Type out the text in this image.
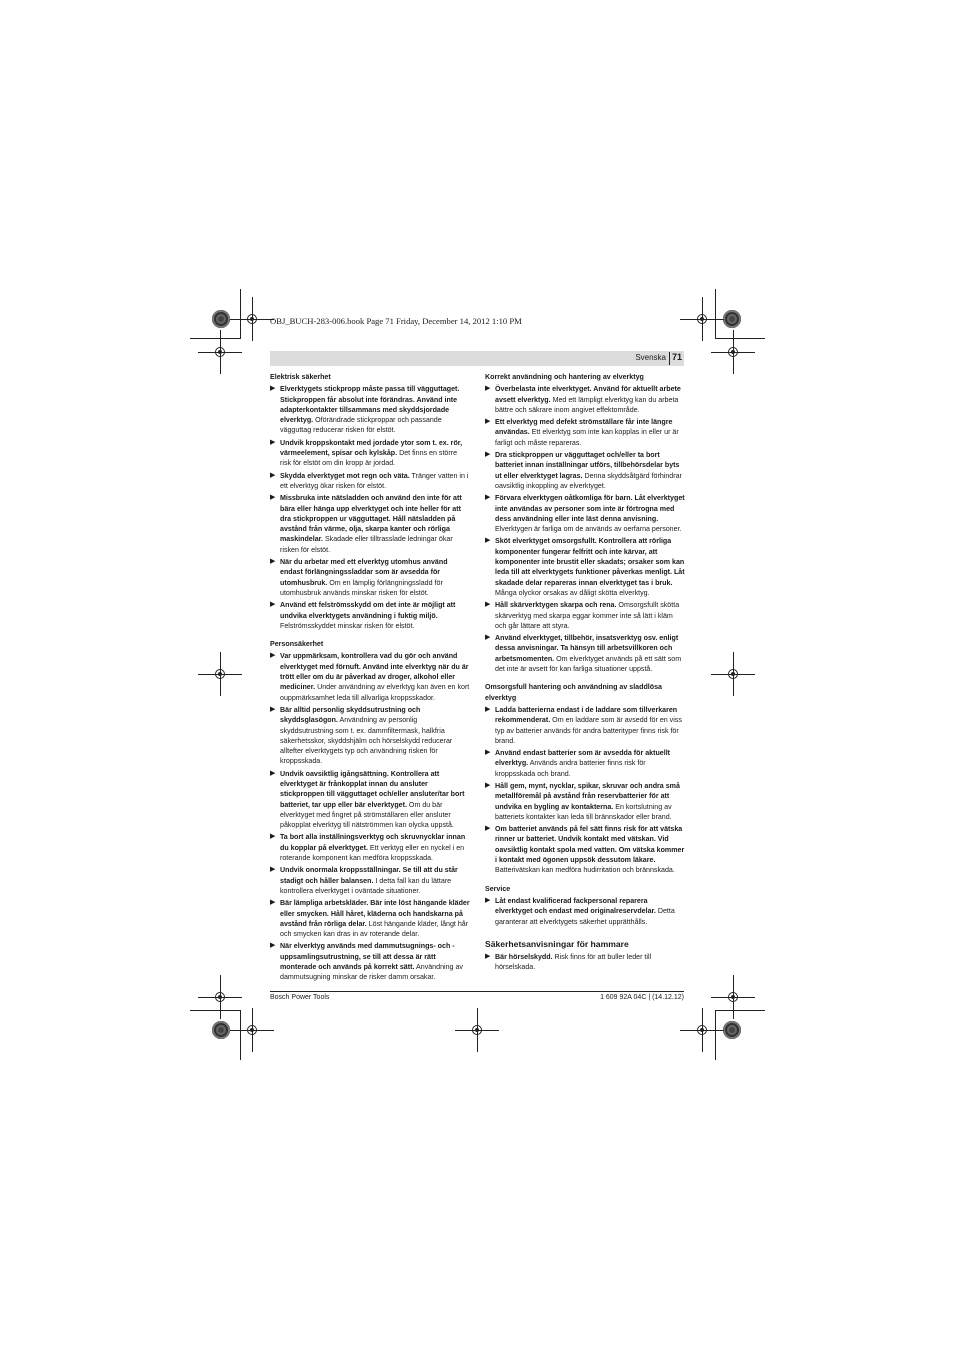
OBJ_BUCH-283-006.book Page 71 Friday, December 14, 2012 1:10 PM
Svenska 71
Elektrisk säkerhet
▶ Elverktygets stickpropp måste passa till vägguttaget. Stickproppen får absolut inte förändras. Använd inte adapterkontakter tillsammans med skyddsjordade elverktyg. Oförändrade stickproppar och passande vägguttag reducerar risken för elstöt.
▶ Undvik kroppskontakt med jordade ytor som t. ex. rör, värmeelement, spisar och kylskåp. Det finns en större risk för elstöt om din kropp är jordad.
▶ Skydda elverktyget mot regn och väta. Tränger vatten in i ett elverktyg ökar risken för elstöt.
▶ Missbruka inte nätsladden och använd den inte för att bära eller hänga upp elverktyget och inte heller för att dra stickproppen ur vägguttaget. Håll nätsladden på avstånd från värme, olja, skarpa kanter och rörliga maskindelar. Skadade eller tilltrasslade ledningar ökar risken för elstöt.
▶ När du arbetar med ett elverktyg utomhus använd endast förlängningssladdar som är avsedda för utomhusbruk. Om en lämplig förlängningssladd för utomhusbruk används minskar risken för elstöt.
▶ Använd ett felströmsskydd om det inte är möjligt att undvika elverktygets användning i fuktig miljö. Felströmsskyddet minskar risken för elstöt.
Personsäkerhet
▶ Var uppmärksam, kontrollera vad du gör och använd elverktyget med förnuft. Använd inte elverktyg när du är trött eller om du är påverkad av droger, alkohol eller mediciner. Under användning av elverktyg kan även en kort ouppmärksamhet leda till allvarliga kroppsskador.
▶ Bär alltid personlig skyddsutrustning och skyddsglasögon. Användning av personlig skyddsutrustning som t. ex. dammfiltermask, halkfria säkerhetsskor, skyddshjälm och hörselskydd reducerar alltefter elverktygets typ och användning risken för kroppsskada.
▶ Undvik oavsiktlig igångsättning. Kontrollera att elverktyget är frånkopplat innan du ansluter stickproppen till vägguttaget och/eller ansluter/tar bort batteriet, tar upp eller bär elverktyget. Om du bär elverktyget med fingret på strömställaren eller ansluter påkopplat elverktyg till nätströmmen kan olycka uppstå.
▶ Ta bort alla inställningsverktyg och skruvnycklar innan du kopplar på elverktyget. Ett verktyg eller en nyckel i en roterande komponent kan medföra kroppsskada.
▶ Undvik onormala kroppsställningar. Se till att du står stadigt och håller balansen. I detta fall kan du lättare kontrollera elverktyget i oväntade situationer.
▶ Bär lämpliga arbetskläder. Bär inte löst hängande kläder eller smycken. Håll håret, kläderna och handskarna på avstånd från rörliga delar. Löst hängande kläder, långt hår och smycken kan dras in av roterande delar.
▶ När elverktyg används med dammutsugnings- och -uppsamlingsutrustning, se till att dessa är rätt monterade och används på korrekt sätt. Användning av dammutsugning minskar de risker damm orsakar.
Korrekt användning och hantering av elverktyg
▶ Överbelasta inte elverktyget. Använd för aktuellt arbete avsett elverktyg. Med ett lämpligt elverktyg kan du arbeta bättre och säkrare inom angivet effektområde.
▶ Ett elverktyg med defekt strömställare får inte längre användas. Ett elverktyg som inte kan kopplas in eller ur är farligt och måste repareras.
▶ Dra stickproppen ur vägguttaget och/eller ta bort batteriet innan inställningar utförs, tillbehörsdelar byts ut eller elverktyget lagras. Denna skyddsåtgärd förhindrar oavsiktlig inkoppling av elverktyget.
▶ Förvara elverktygen oåtkomliga för barn. Låt elverktyget inte användas av personer som inte är förtrogna med dess användning eller inte läst denna anvisning. Elverktygen är farliga om de används av oerfarna personer.
▶ Sköt elverktyget omsorgsfullt. Kontrollera att rörliga komponenter fungerar felfritt och inte kärvar, att komponenter inte brustit eller skadats; orsaker som kan leda till att elverktygets funktioner påverkas menligt. Låt skadade delar repareras innan elverktyget tas i bruk. Många olyckor orsakas av dåligt skötta elverktyg.
▶ Håll skärverktygen skarpa och rena. Omsorgsfullt skötta skärverktyg med skarpa eggar kommer inte så lätt i kläm och går lättare att styra.
▶ Använd elverktyget, tillbehör, insatsverktyg osv. enligt dessa anvisningar. Ta hänsyn till arbetsvillkoren och arbetsmomenten. Om elverktyget används på ett sätt som det inte är avsett för kan farliga situationer uppstå.
Omsorgsfull hantering och användning av sladdlösa elverktyg
▶ Ladda batterierna endast i de laddare som tillverkaren rekommenderat. Om en laddare som är avsedd för en viss typ av batterier används för andra batterityper finns risk för brand.
▶ Använd endast batterier som är avsedda för aktuellt elverktyg. Används andra batterier finns risk för kroppsskada och brand.
▶ Håll gem, mynt, nycklar, spikar, skruvar och andra små metallföremål på avstånd från reservbatterier för att undvika en bygling av kontakterna. En kortslutning av batteriets kontakter kan leda till brännskador eller brand.
▶ Om batteriet används på fel sätt finns risk för att vätska rinner ur batteriet. Undvik kontakt med vätskan. Vid oavsiktlig kontakt spola med vatten. Om vätska kommer i kontakt med ögonen uppsök dessutom läkare. Batterivätskan kan medföra hudirritation och brännskada.
Service
▶ Låt endast kvalificerad fackpersonal reparera elverktyget och endast med originalreservdelar. Detta garanterar att elverktygets säkerhet upprätthålls.
Säkerhetsanvisningar för hammare
▶ Bär hörselskydd. Risk finns för att buller leder till hörselskada.
Bosch Power Tools	1 609 92A 04C | (14.12.12)
